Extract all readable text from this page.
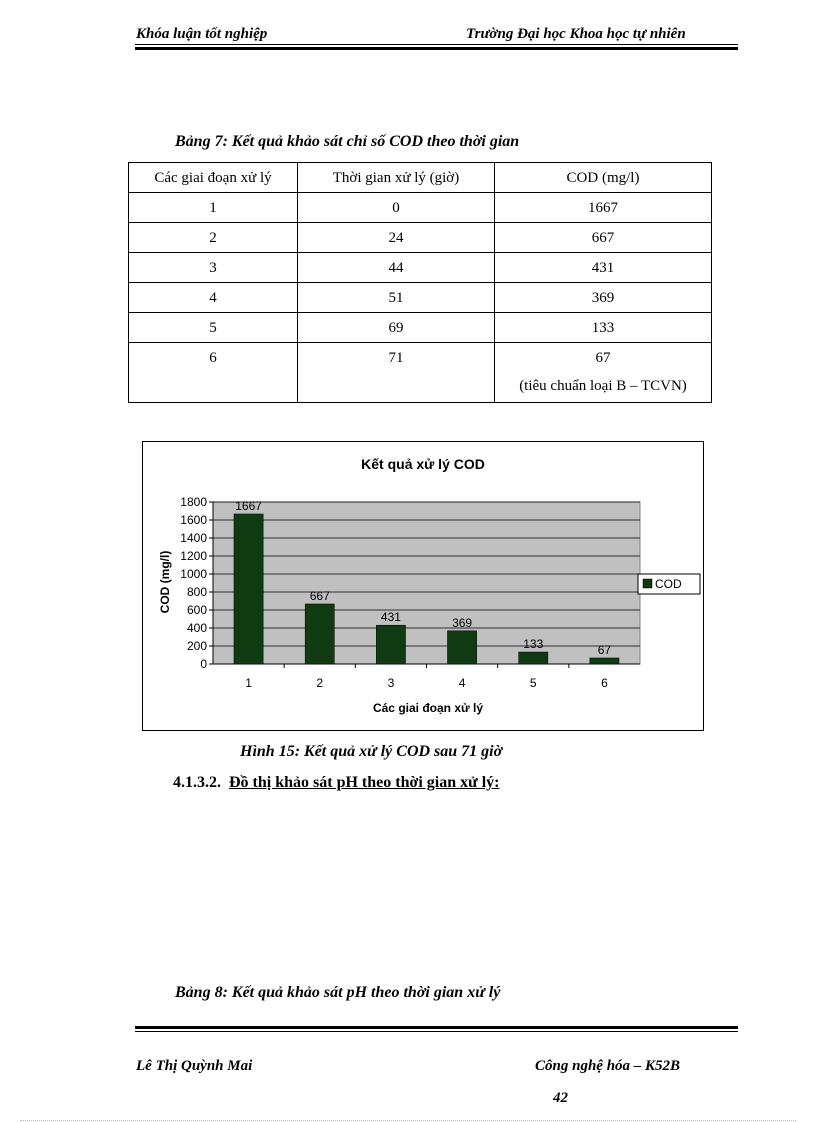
Khóa luận tốt nghiệp	Trường Đại học Khoa học tự nhiên
Bảng 7: Kết quả khảo sát chỉ số COD theo thời gian
Các giai đoạn xử lý	Thời gian xử lý (giờ)	COD (mg/l)
1	0	1667
2	24	667
3	44	431
4	51	369
5	69	133
6	71	67
(tiêu chuẩn loại B – TCVN)
Kết quả xử lý COD
0
200
400
600
800
1000
1200
1400
1600
1800 1667
1
667
2
431
3
369
4
133
5
67
6
Các giai đoạn xử lý
COD (mg/l)	COD
Hình 15: Kết quả xử lý COD sau 71 giờ
4.1.3.2. Đồ thị khảo sát pH theo thời gian xử lý:
Bảng 8: Kết quả khảo sát pH theo thời gian xử lý
Lê Thị Quỳnh Mai	Công nghệ hóa – K52B
42
